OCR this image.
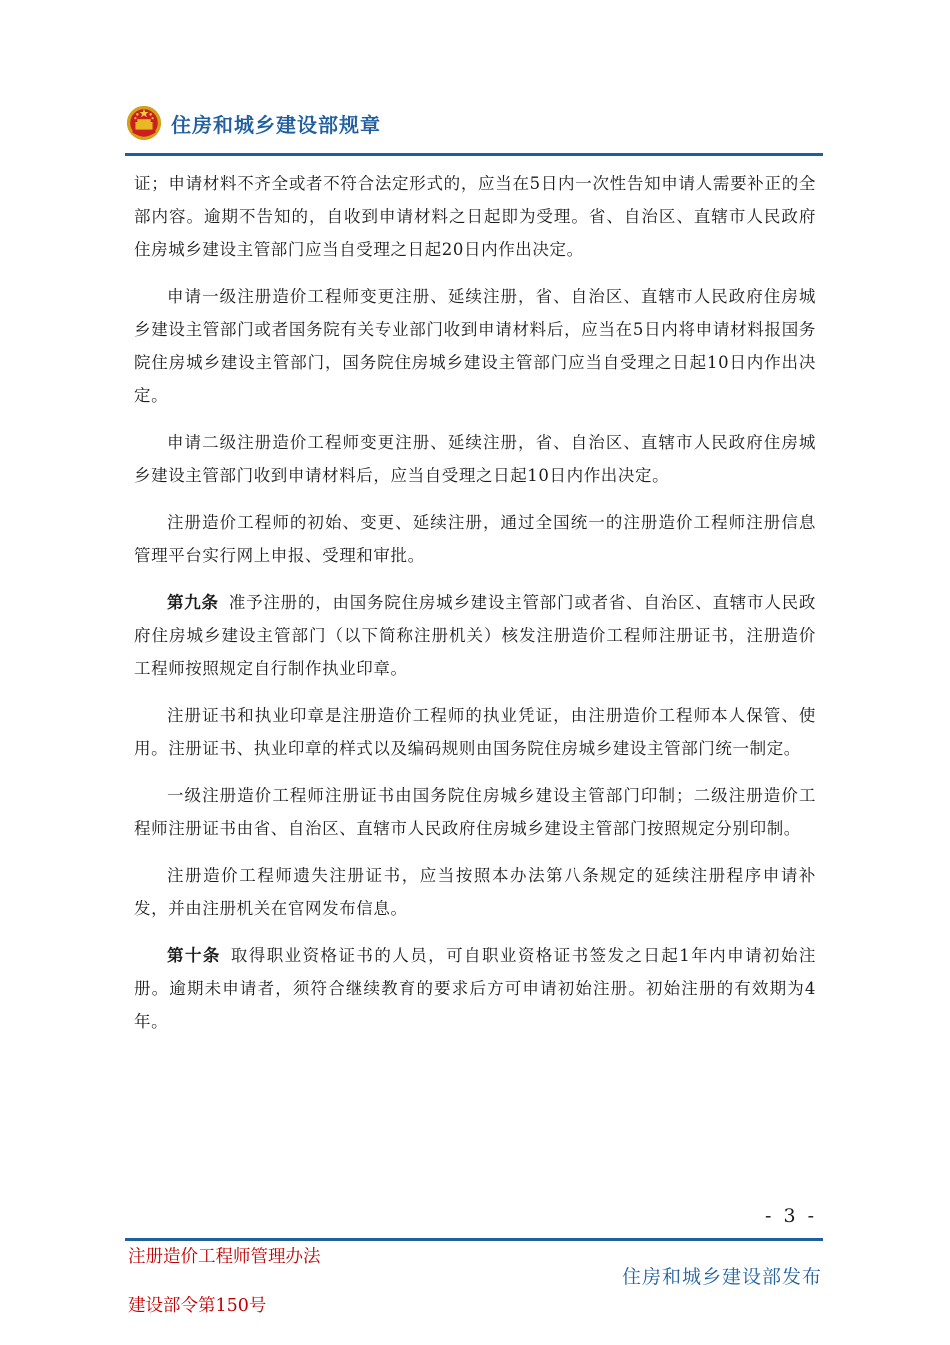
住房和城乡建设部规章

证；申请材料不齐全或者不符合法定形式的，应当在5日内一次性告知申请人需要补正的全部内容。逾期不告知的，自收到申请材料之日起即为受理。省、自治区、直辖市人民政府住房城乡建设主管部门应当自受理之日起20日内作出决定。

申请一级注册造价工程师变更注册、延续注册，省、自治区、直辖市人民政府住房城乡建设主管部门或者国务院有关专业部门收到申请材料后，应当在5日内将申请材料报国务院住房城乡建设主管部门，国务院住房城乡建设主管部门应当自受理之日起10日内作出决定。

申请二级注册造价工程师变更注册、延续注册，省、自治区、直辖市人民政府住房城乡建设主管部门收到申请材料后，应当自受理之日起10日内作出决定。

注册造价工程师的初始、变更、延续注册，通过全国统一的注册造价工程师注册信息管理平台实行网上申报、受理和审批。

第九条 准予注册的，由国务院住房城乡建设主管部门或者省、自治区、直辖市人民政府住房城乡建设主管部门（以下简称注册机关）核发注册造价工程师注册证书，注册造价工程师按照规定自行制作执业印章。

注册证书和执业印章是注册造价工程师的执业凭证，由注册造价工程师本人保管、使用。注册证书、执业印章的样式以及编码规则由国务院住房城乡建设主管部门统一制定。

一级注册造价工程师注册证书由国务院住房城乡建设主管部门印制；二级注册造价工程师注册证书由省、自治区、直辖市人民政府住房城乡建设主管部门按照规定分别印制。

注册造价工程师遗失注册证书，应当按照本办法第八条规定的延续注册程序申请补发，并由注册机关在官网发布信息。

第十条 取得职业资格证书的人员，可自职业资格证书签发之日起1年内申请初始注册。逾期未申请者，须符合继续教育的要求后方可申请初始注册。初始注册的有效期为4年。

- 3 -
注册造价工程师管理办法
建设部令第150号
住房和城乡建设部发布
